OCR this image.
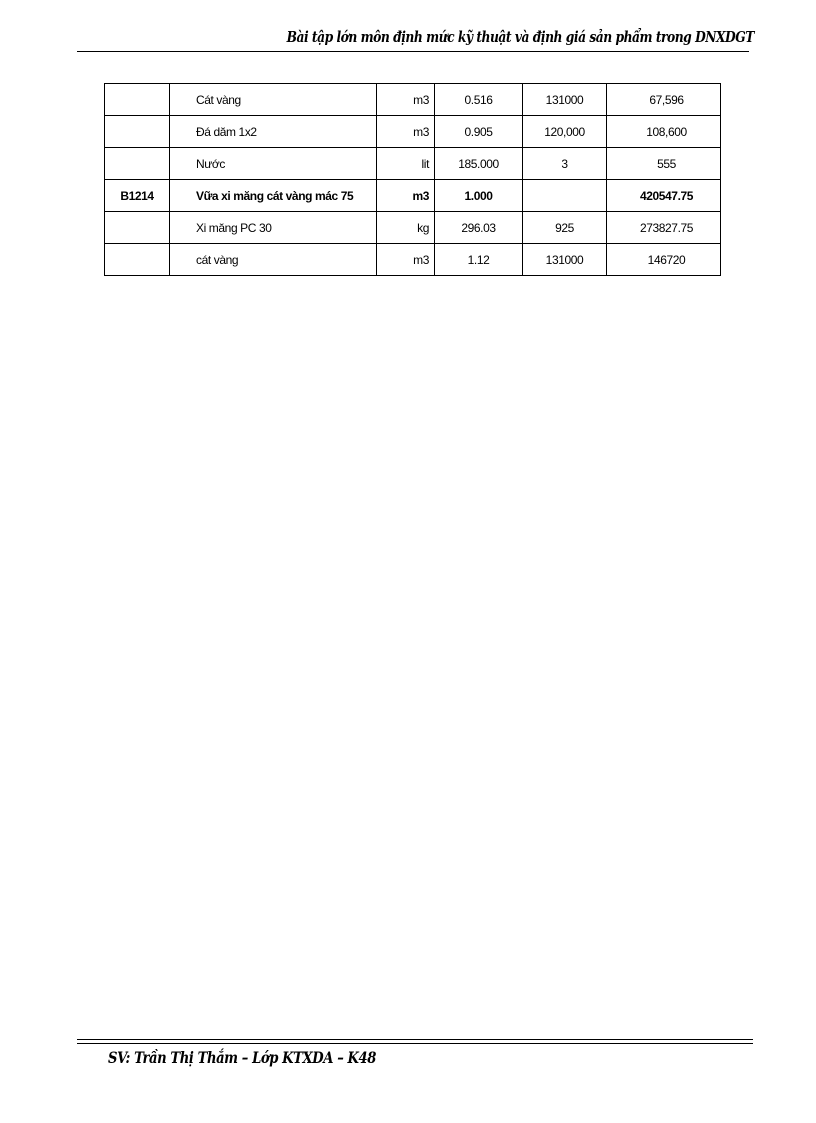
Bài tập lớn môn định mức kỹ thuật và định giá sản phẩm trong DNXDGT
	Cát vàng	m3	0.516	131000	67,596
	Đá dăm 1x2	m3	0.905	120,000	108,600
	Nước	lit	185.000	3	555
B1214	Vữa xi măng cát vàng mác 75	m3	1.000		420547.75
	Xi măng PC 30	kg	296.03	925	273827.75
	cát vàng	m3	1.12	131000	146720
SV: Trần Thị Thắm – Lớp KTXDA – K48
